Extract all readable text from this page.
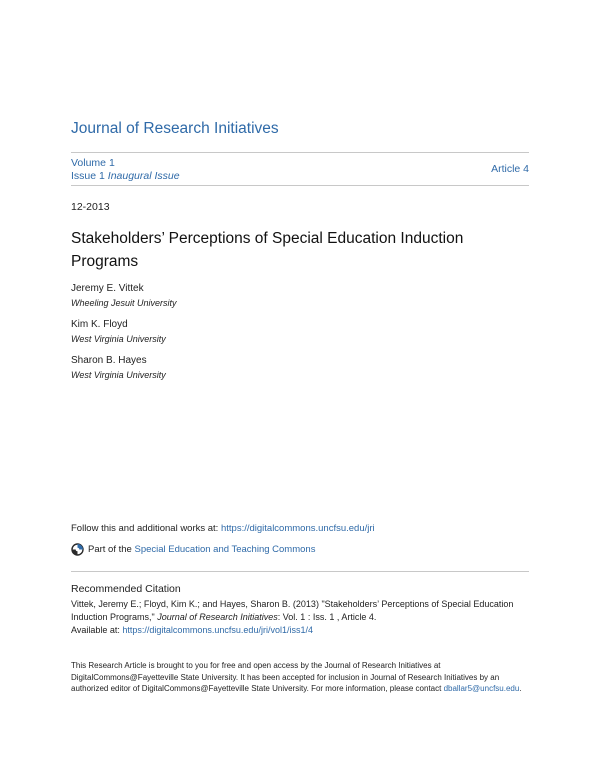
Journal of Research Initiatives
Volume 1
Issue 1 Inaugural Issue
Article 4
12-2013
Stakeholders’ Perceptions of Special Education Induction Programs
Jeremy E. Vittek
Wheeling Jesuit University
Kim K. Floyd
West Virginia University
Sharon B. Hayes
West Virginia University
Follow this and additional works at: https://digitalcommons.uncfsu.edu/jri
Part of the
Special Education and Teaching Commons
Recommended Citation
Vittek, Jeremy E.; Floyd, Kim K.; and Hayes, Sharon B. (2013) "Stakeholders’ Perceptions of Special Education Induction Programs," Journal of Research Initiatives: Vol. 1 : Iss. 1 , Article 4.
Available at: https://digitalcommons.uncfsu.edu/jri/vol1/iss1/4
This Research Article is brought to you for free and open access by the Journal of Research Initiatives at DigitalCommons@Fayetteville State University. It has been accepted for inclusion in Journal of Research Initiatives by an authorized editor of DigitalCommons@Fayetteville State University. For more information, please contact dballar5@uncfsu.edu.
